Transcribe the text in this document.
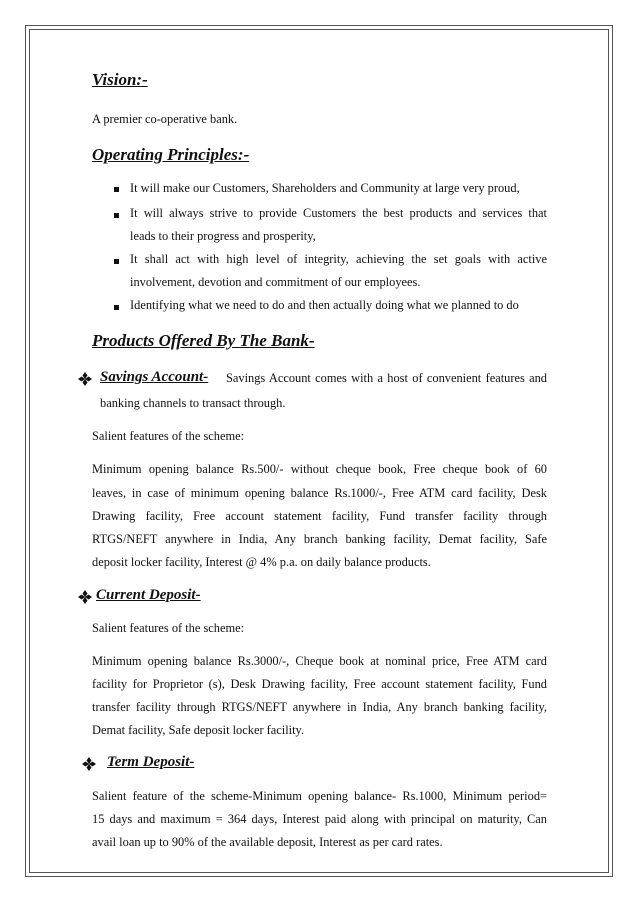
Vision:-
A premier co-operative bank.
Operating Principles:-
It will make our Customers, Shareholders and Community at large very proud,
It will always strive to provide Customers the best products and services that
leads to their progress and prosperity,
It shall act with high level of integrity, achieving the set goals with active
involvement, devotion and commitment of our employees.
Identifying what we need to do and then actually doing what we planned to do
Products Offered By The Bank-
Savings Account- Savings Account comes with a host of convenient features and
banking channels to transact through.
Salient features of the scheme:
Minimum opening balance Rs.500/- without cheque book, Free cheque book of 60
leaves, in case of minimum opening balance Rs.1000/-, Free ATM card facility, Desk
Drawing facility, Free account statement facility, Fund transfer facility through
RTGS/NEFT anywhere in India, Any branch banking facility, Demat facility, Safe
deposit locker facility, Interest @ 4% p.a. on daily balance products.
Current Deposit-
Salient features of the scheme:
Minimum opening balance Rs.3000/-, Cheque book at nominal price, Free ATM card
facility for Proprietor (s), Desk Drawing facility, Free account statement facility, Fund
transfer facility through RTGS/NEFT anywhere in India, Any branch banking facility,
Demat facility, Safe deposit locker facility.
Term Deposit-
Salient feature of the scheme-Minimum opening balance- Rs.1000, Minimum period=
15 days and maximum = 364 days, Interest paid along with principal on maturity, Can
avail loan up to 90% of the available deposit, Interest as per card rates.
